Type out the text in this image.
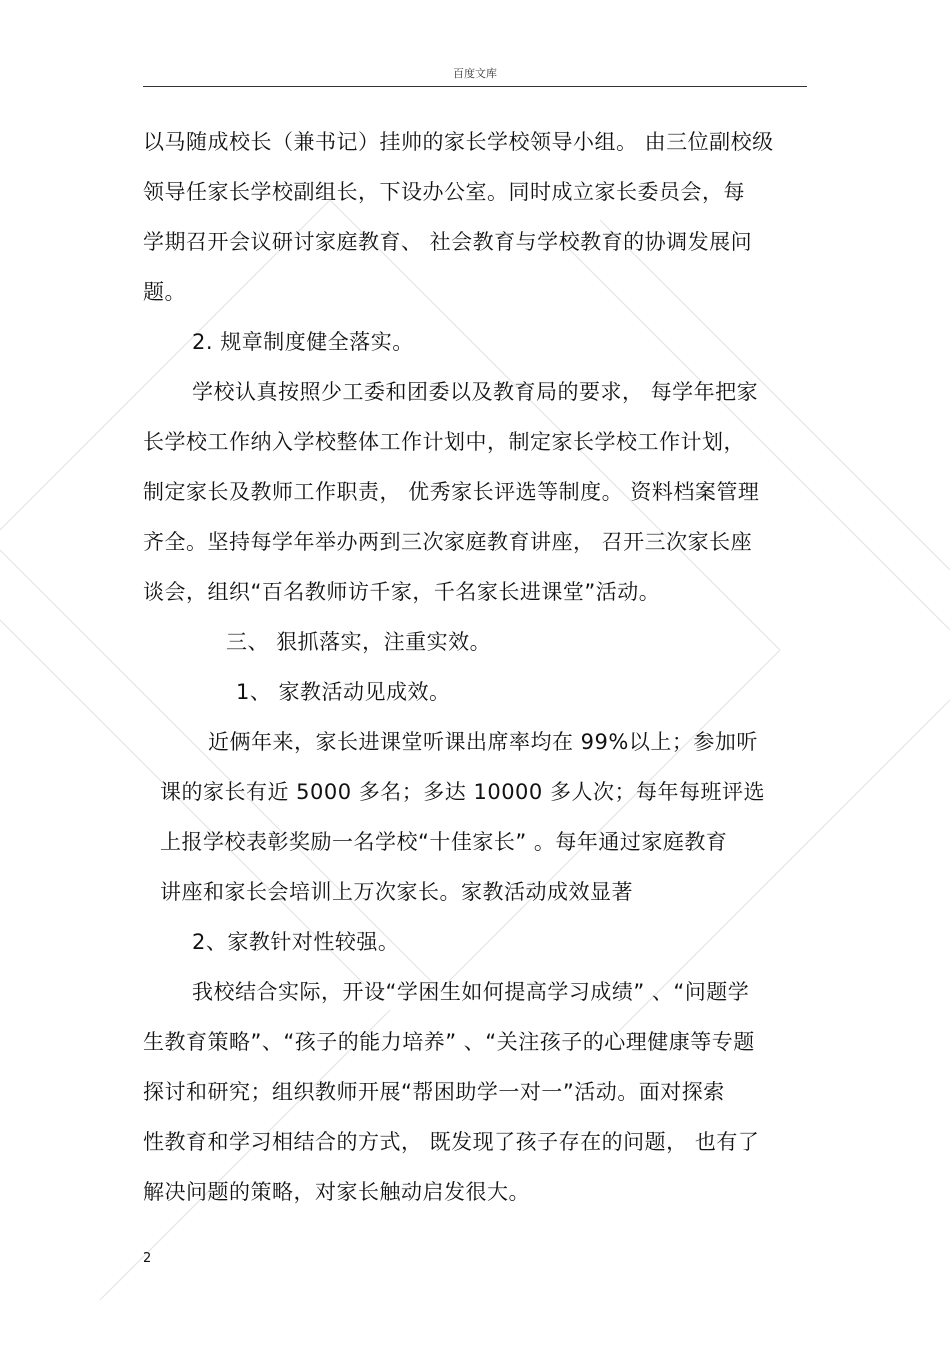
百度文库
以马随成校长（兼书记）挂帅的家长学校领导小组。 由三位副校级
领导任家长学校副组长，下设办公室。同时成立家长委员会，每
学期召开会议研讨家庭教育、 社会教育与学校教育的协调发展问
题。
2. 规章制度健全落实。
学校认真按照少工委和团委以及教育局的要求， 每学年把家
长学校工作纳入学校整体工作计划中，制定家长学校工作计划，
制定家长及教师工作职责， 优秀家长评选等制度。 资料档案管理
齐全。坚持每学年举办两到三次家庭教育讲座， 召开三次家长座
谈会，组织“百名教师访千家，千名家长进课堂”活动。
三、 狠抓落实，注重实效。
1、 家教活动见成效。
近俩年来，家长进课堂听课出席率均在 99%以上；参加听
课的家长有近 5000 多名；多达 10000 多人次；每年每班评选
上报学校表彰奖励一名学校“十佳家长” 。每年通过家庭教育
讲座和家长会培训上万次家长。家教活动成效显著
2、家教针对性较强。
我校结合实际，开设“学困生如何提高学习成绩” 、“问题学
生教育策略”、“孩子的能力培养” 、“关注孩子的心理健康等专题
探讨和研究；组织教师开展“帮困助学一对一”活动。面对探索
性教育和学习相结合的方式， 既发现了孩子存在的问题， 也有了
解决问题的策略，对家长触动启发很大。
2
